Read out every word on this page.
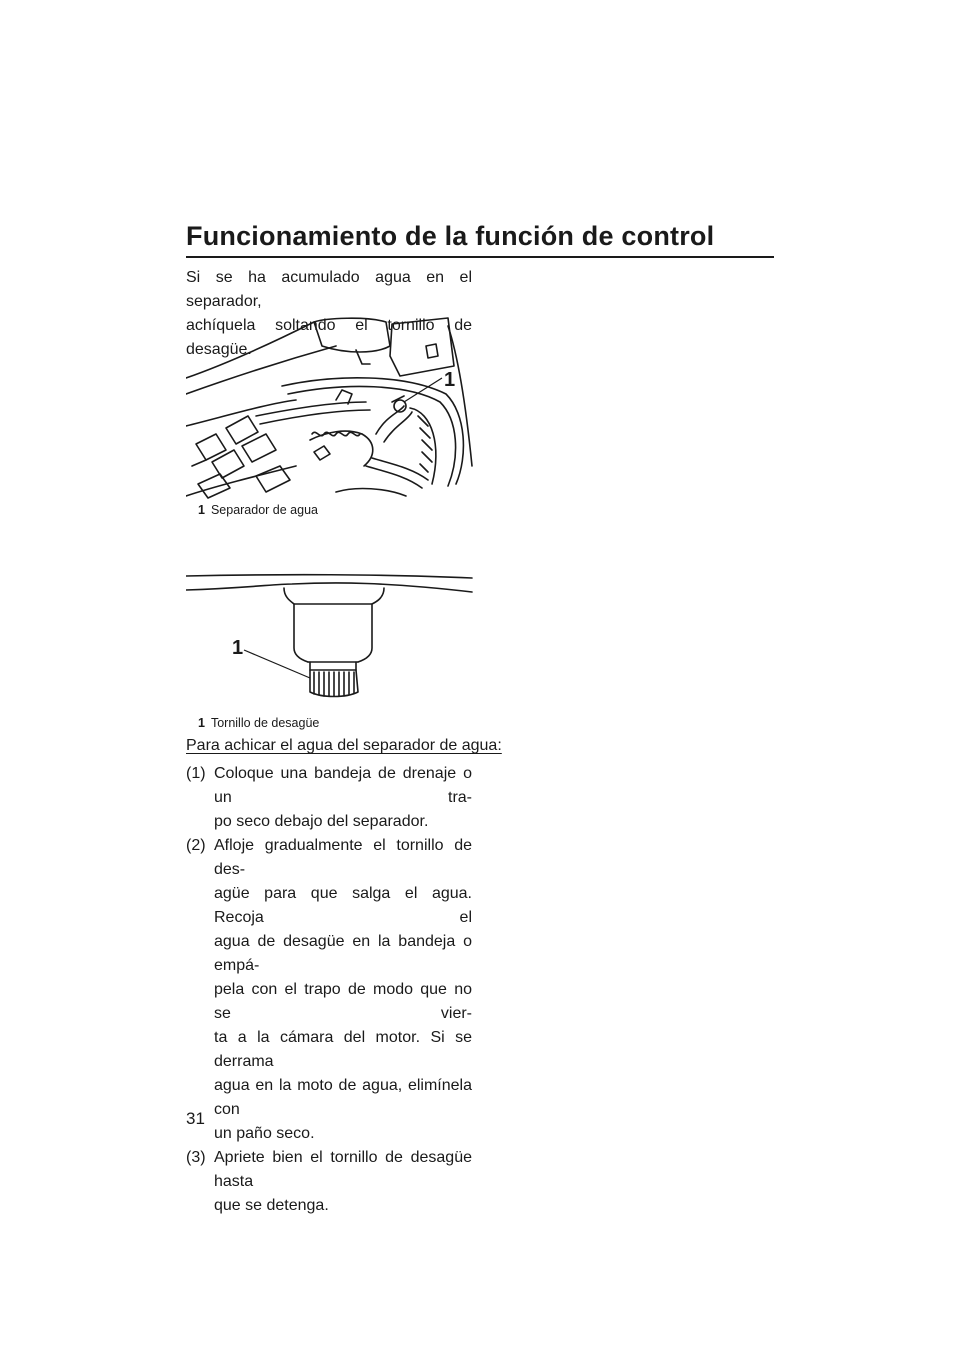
Funcionamiento de la función de control
Si se ha acumulado agua en el separador,
achíquela soltando el tornillo de desagüe.
1
1 Separador de agua
1
1 Tornillo de desagüe
Para achicar el agua del separador de agua:
(1) Coloque una bandeja de drenaje o un tra-
po seco debajo del separador.
(2) Afloje gradualmente el tornillo de des-
agüe para que salga el agua. Recoja el
agua de desagüe en la bandeja o empá-
pela con el trapo de modo que no se vier-
ta a la cámara del motor. Si se derrama
agua en la moto de agua, elimínela con
un paño seco.
(3) Apriete bien el tornillo de desagüe hasta
que se detenga.
31
